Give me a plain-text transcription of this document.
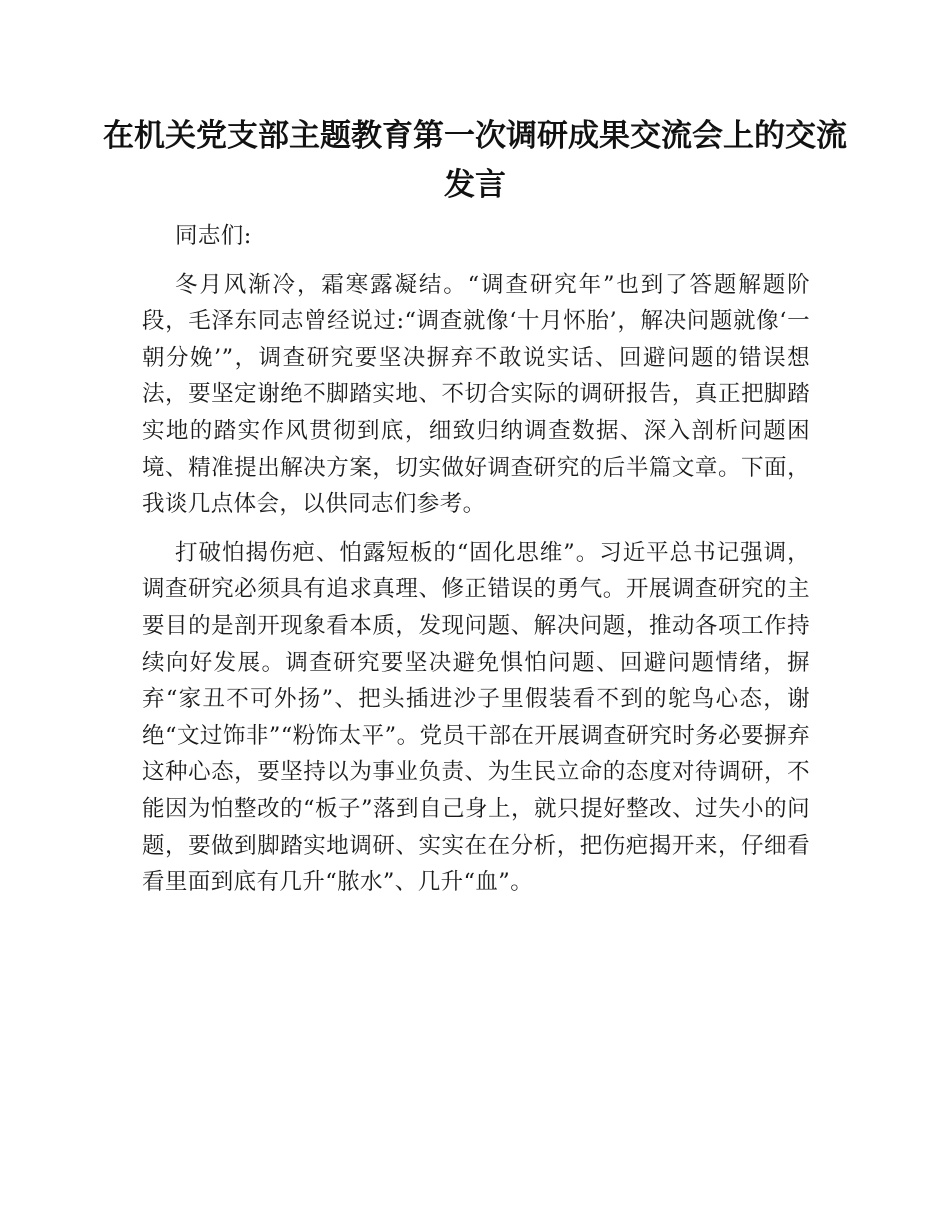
在机关党支部主题教育第一次调研成果交流会上的交流发言

同志们:

冬月风渐冷，霜寒露凝结。“调查研究年”也到了答题解题阶段，毛泽东同志曾经说过:“调查就像‘十月怀胎’，解决问题就像‘一朝分娩’”，调查研究要坚决摒弃不敢说实话、回避问题的错误想法，要坚定谢绝不脚踏实地、不切合实际的调研报告，真正把脚踏实地的踏实作风贯彻到底，细致归纳调查数据、深入剖析问题困境、精准提出解决方案，切实做好调查研究的后半篇文章。下面，我谈几点体会，以供同志们参考。

打破怕揭伤疤、怕露短板的“固化思维”。习近平总书记强调，调查研究必须具有追求真理、修正错误的勇气。开展调查研究的主要目的是剖开现象看本质，发现问题、解决问题，推动各项工作持续向好发展。调查研究要坚决避免惧怕问题、回避问题情绪，摒弃“家丑不可外扬”、把头插进沙子里假装看不到的鸵鸟心态，谢绝“文过饰非”“粉饰太平”。党员干部在开展调查研究时务必要摒弃这种心态，要坚持以为事业负责、为生民立命的态度对待调研，不能因为怕整改的“板子”落到自己身上，就只提好整改、过失小的问题，要做到脚踏实地调研、实实在在分析，把伤疤揭开来，仔细看看里面到底有几升“脓水”、几升“血”。
